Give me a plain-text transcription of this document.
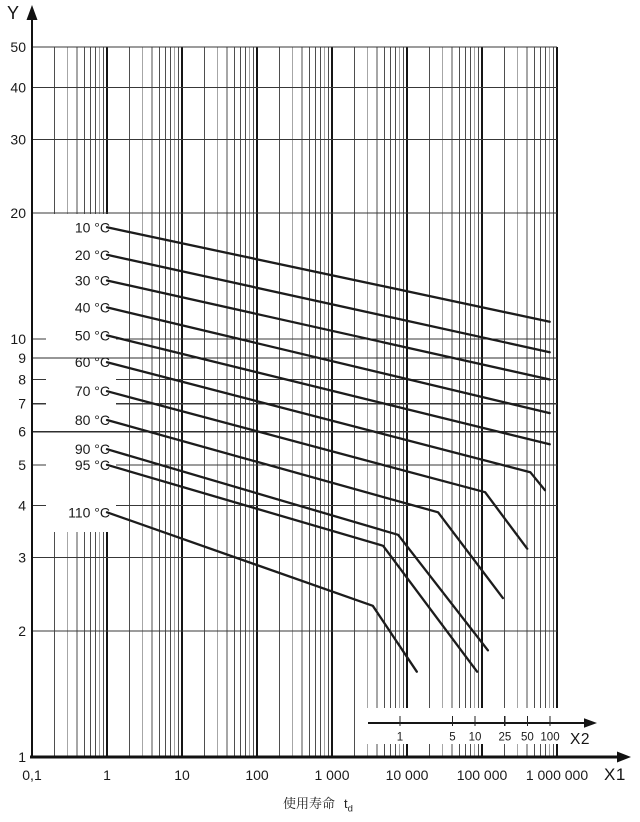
1	5 10 25 50 100
10 °C
20 °C
30 °C
40 °C
50 °C
60 °C
70 °C
80 °C
90 °C
95 °C
110 °C
50
40
30
20
10
9
8
7
6
5
4
3
2
1
0,1	1	10	100	1 000	10 000 100 000 1 000 000
Y
X1
X2
使用寿命 $t_d$
